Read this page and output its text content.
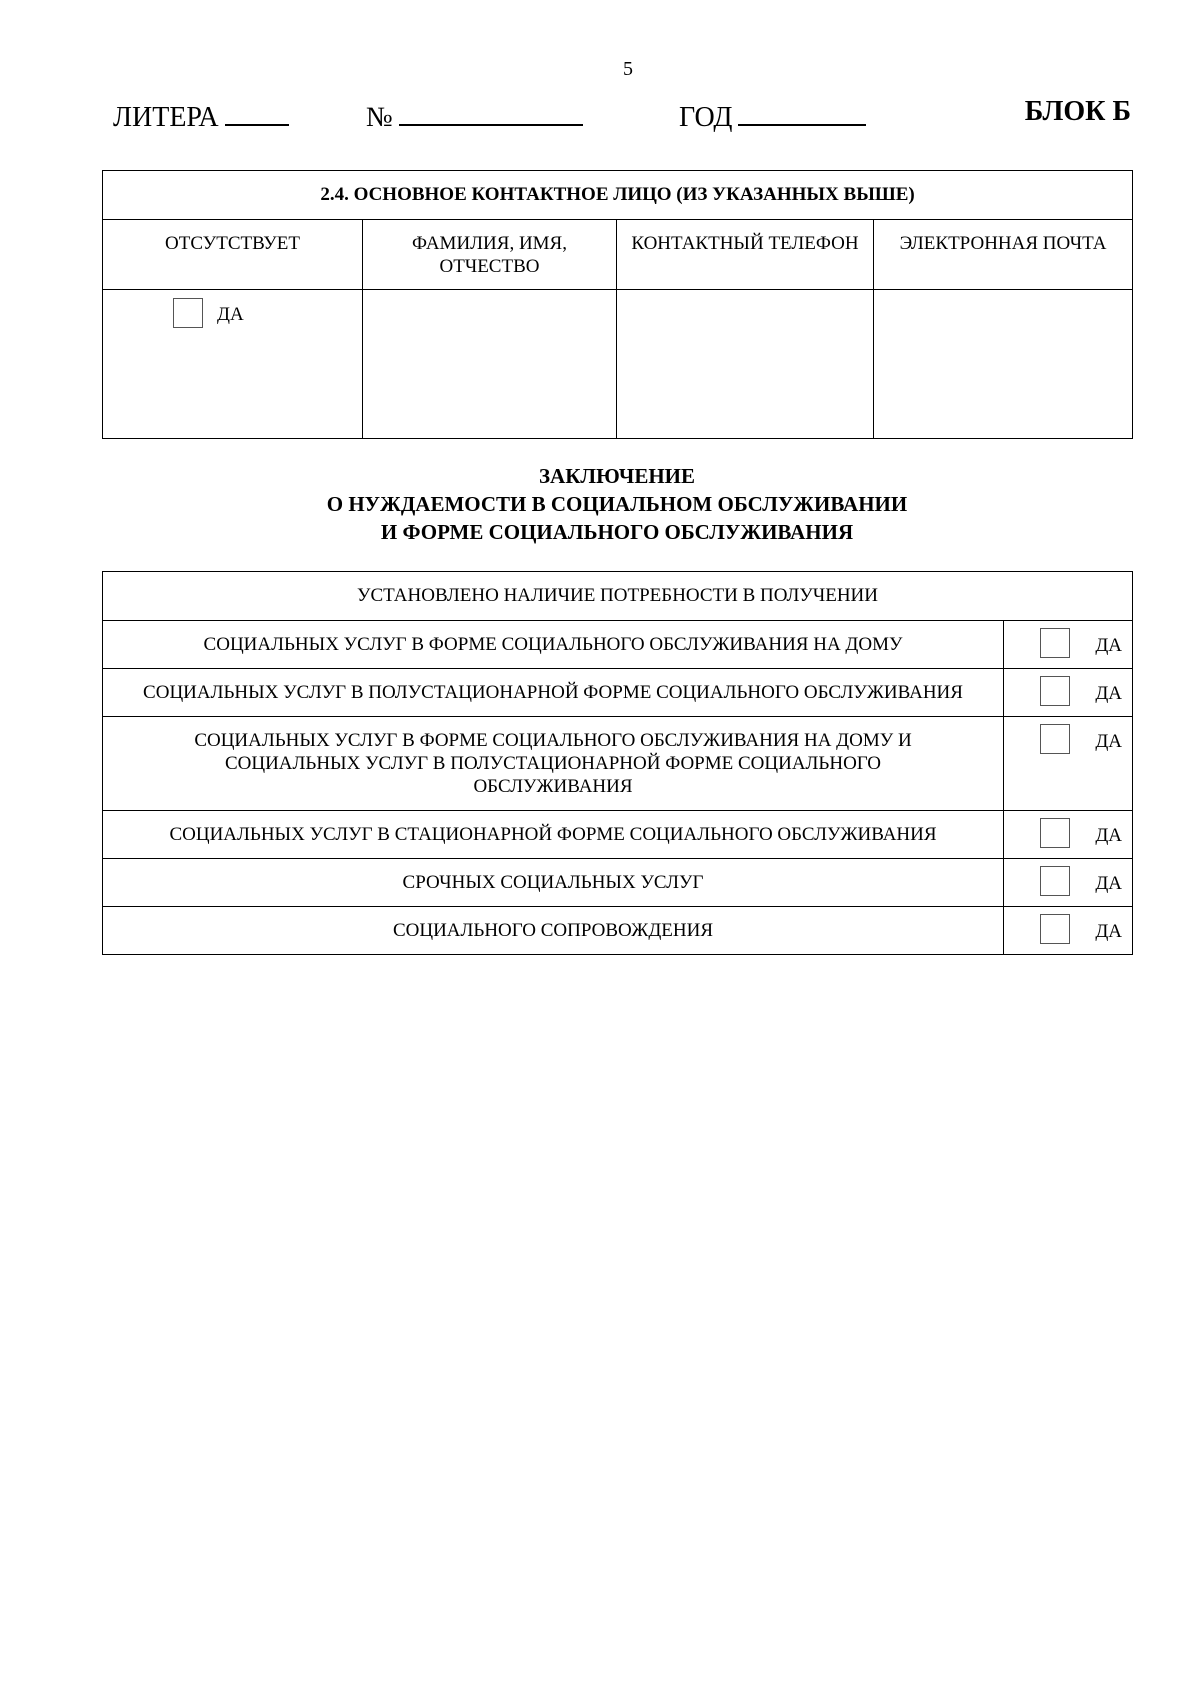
5
ЛИТЕРА	№	ГОД	БЛОК Б
2.4. ОСНОВНОЕ КОНТАКТНОЕ ЛИЦО (ИЗ УКАЗАННЫХ ВЫШЕ)			
ОТСУТСТВУЕТ	ФАМИЛИЯ, ИМЯ, ОТЧЕСТВО	КОНТАКТНЫЙ ТЕЛЕФОН	ЭЛЕКТРОННАЯ ПОЧТА

ДА			

ЗАКЛЮЧЕНИЕ
О НУЖДАЕМОСТИ В СОЦИАЛЬНОМ ОБСЛУЖИВАНИИ
И ФОРМЕ СОЦИАЛЬНОГО ОБСЛУЖИВАНИЯ
УСТАНОВЛЕНО НАЛИЧИЕ ПОТРЕБНОСТИ В ПОЛУЧЕНИИ	
СОЦИАЛЬНЫХ УСЛУГ В ФОРМЕ СОЦИАЛЬНОГО ОБСЛУЖИВАНИЯ НА ДОМУ	ДА

СОЦИАЛЬНЫХ УСЛУГ В ПОЛУСТАЦИОНАРНОЙ ФОРМЕ СОЦИАЛЬНОГО ОБСЛУЖИВАНИЯ	ДА

СОЦИАЛЬНЫХ УСЛУГ В ФОРМЕ СОЦИАЛЬНОГО ОБСЛУЖИВАНИЯ НА ДОМУ И СОЦИАЛЬНЫХ УСЛУГ В ПОЛУСТАЦИОНАРНОЙ ФОРМЕ СОЦИАЛЬНОГО ОБСЛУЖИВАНИЯ	ДА

СОЦИАЛЬНЫХ УСЛУГ В СТАЦИОНАРНОЙ ФОРМЕ СОЦИАЛЬНОГО ОБСЛУЖИВАНИЯ	ДА

СРОЧНЫХ СОЦИАЛЬНЫХ УСЛУГ	ДА

СОЦИАЛЬНОГО СОПРОВОЖДЕНИЯ	ДА
